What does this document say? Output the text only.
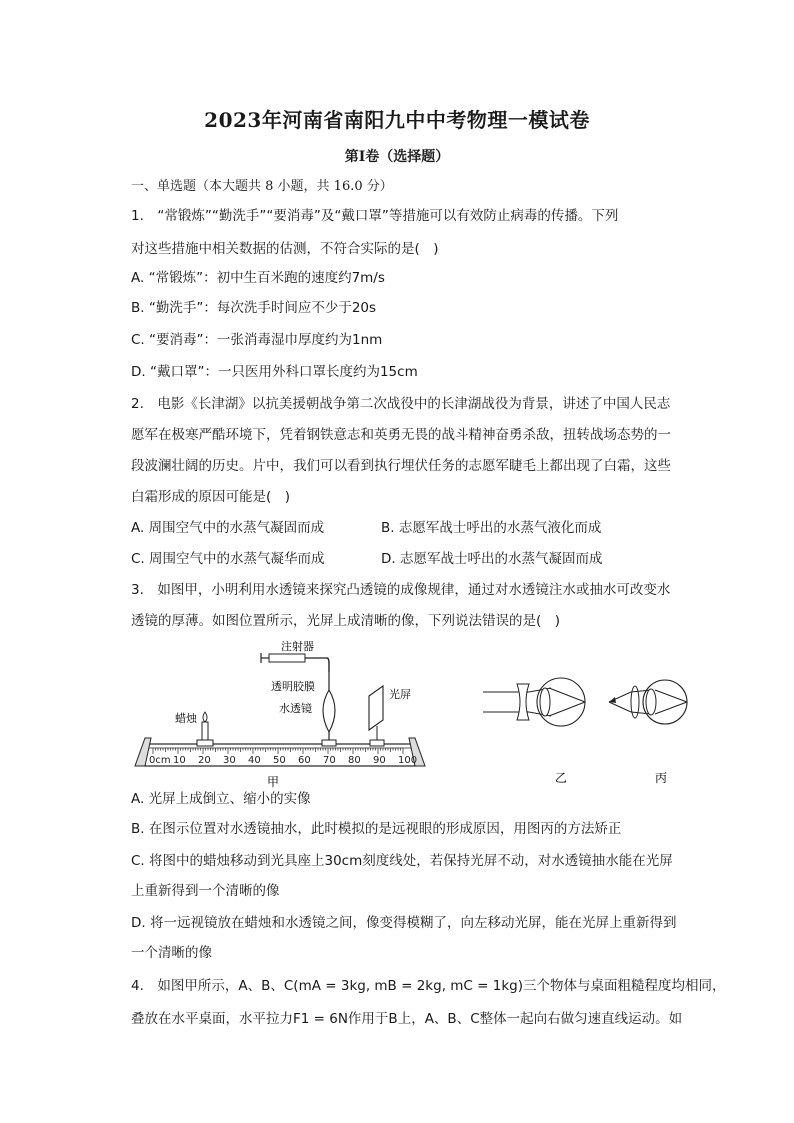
2023年河南省南阳九中中考物理一模试卷
第I卷（选择题）
一、单选题（本大题共 8 小题，共 16.0 分）
1.　“常锻炼”“勤洗手”“要消毒”及“戴口罩”等措施可以有效防止病毒的传播。下列
对这些措施中相关数据的估测，不符合实际的是(　)
A. “常锻炼”：初中生百米跑的速度约7m/s
B. “勤洗手”：每次洗手时间应不少于20s
C. “要消毒”：一张消毒湿巾厚度约为1nm
D. “戴口罩”：一只医用外科口罩长度约为15cm
2.　电影《长津湖》以抗美援朝战争第二次战役中的长津湖战役为背景，讲述了中国人民志
愿军在极寒严酷环境下，凭着钢铁意志和英勇无畏的战斗精神奋勇杀敌，扭转战场态势的一
段波澜壮阔的历史。片中，我们可以看到执行埋伏任务的志愿军睫毛上都出现了白霜，这些
白霜形成的原因可能是(　)
A. 周围空气中的水蒸气凝固而成	B. 志愿军战士呼出的水蒸气液化而成
C. 周围空气中的水蒸气凝华而成	D. 志愿军战士呼出的水蒸气凝固而成
3.　如图甲，小明利用水透镜来探究凸透镜的成像规律，通过对水透镜注水或抽水可改变水
透镜的厚薄。如图位置所示，光屏上成清晰的像，下列说法错误的是(　)
0cm 10 20 30 40 50 60 70 80 90 100
蜡烛
注射器
透明胶膜
水透镜
光屏
甲	乙	丙
A. 光屏上成倒立、缩小的实像
B. 在图示位置对水透镜抽水，此时模拟的是远视眼的形成原因，用图丙的方法矫正
C. 将图中的蜡烛移动到光具座上30cm刻度线处，若保持光屏不动，对水透镜抽水能在光屏
上重新得到一个清晰的像
D. 将一远视镜放在蜡烛和水透镜之间，像变得模糊了，向左移动光屏，能在光屏上重新得到
一个清晰的像
4.　如图甲所示，A、B、C(mA = 3kg, mB = 2kg, mC = 1kg)三个物体与桌面粗糙程度均相同，
叠放在水平桌面，水平拉力F1 = 6N作用于B上，A、B、C整体一起向右做匀速直线运动。如
